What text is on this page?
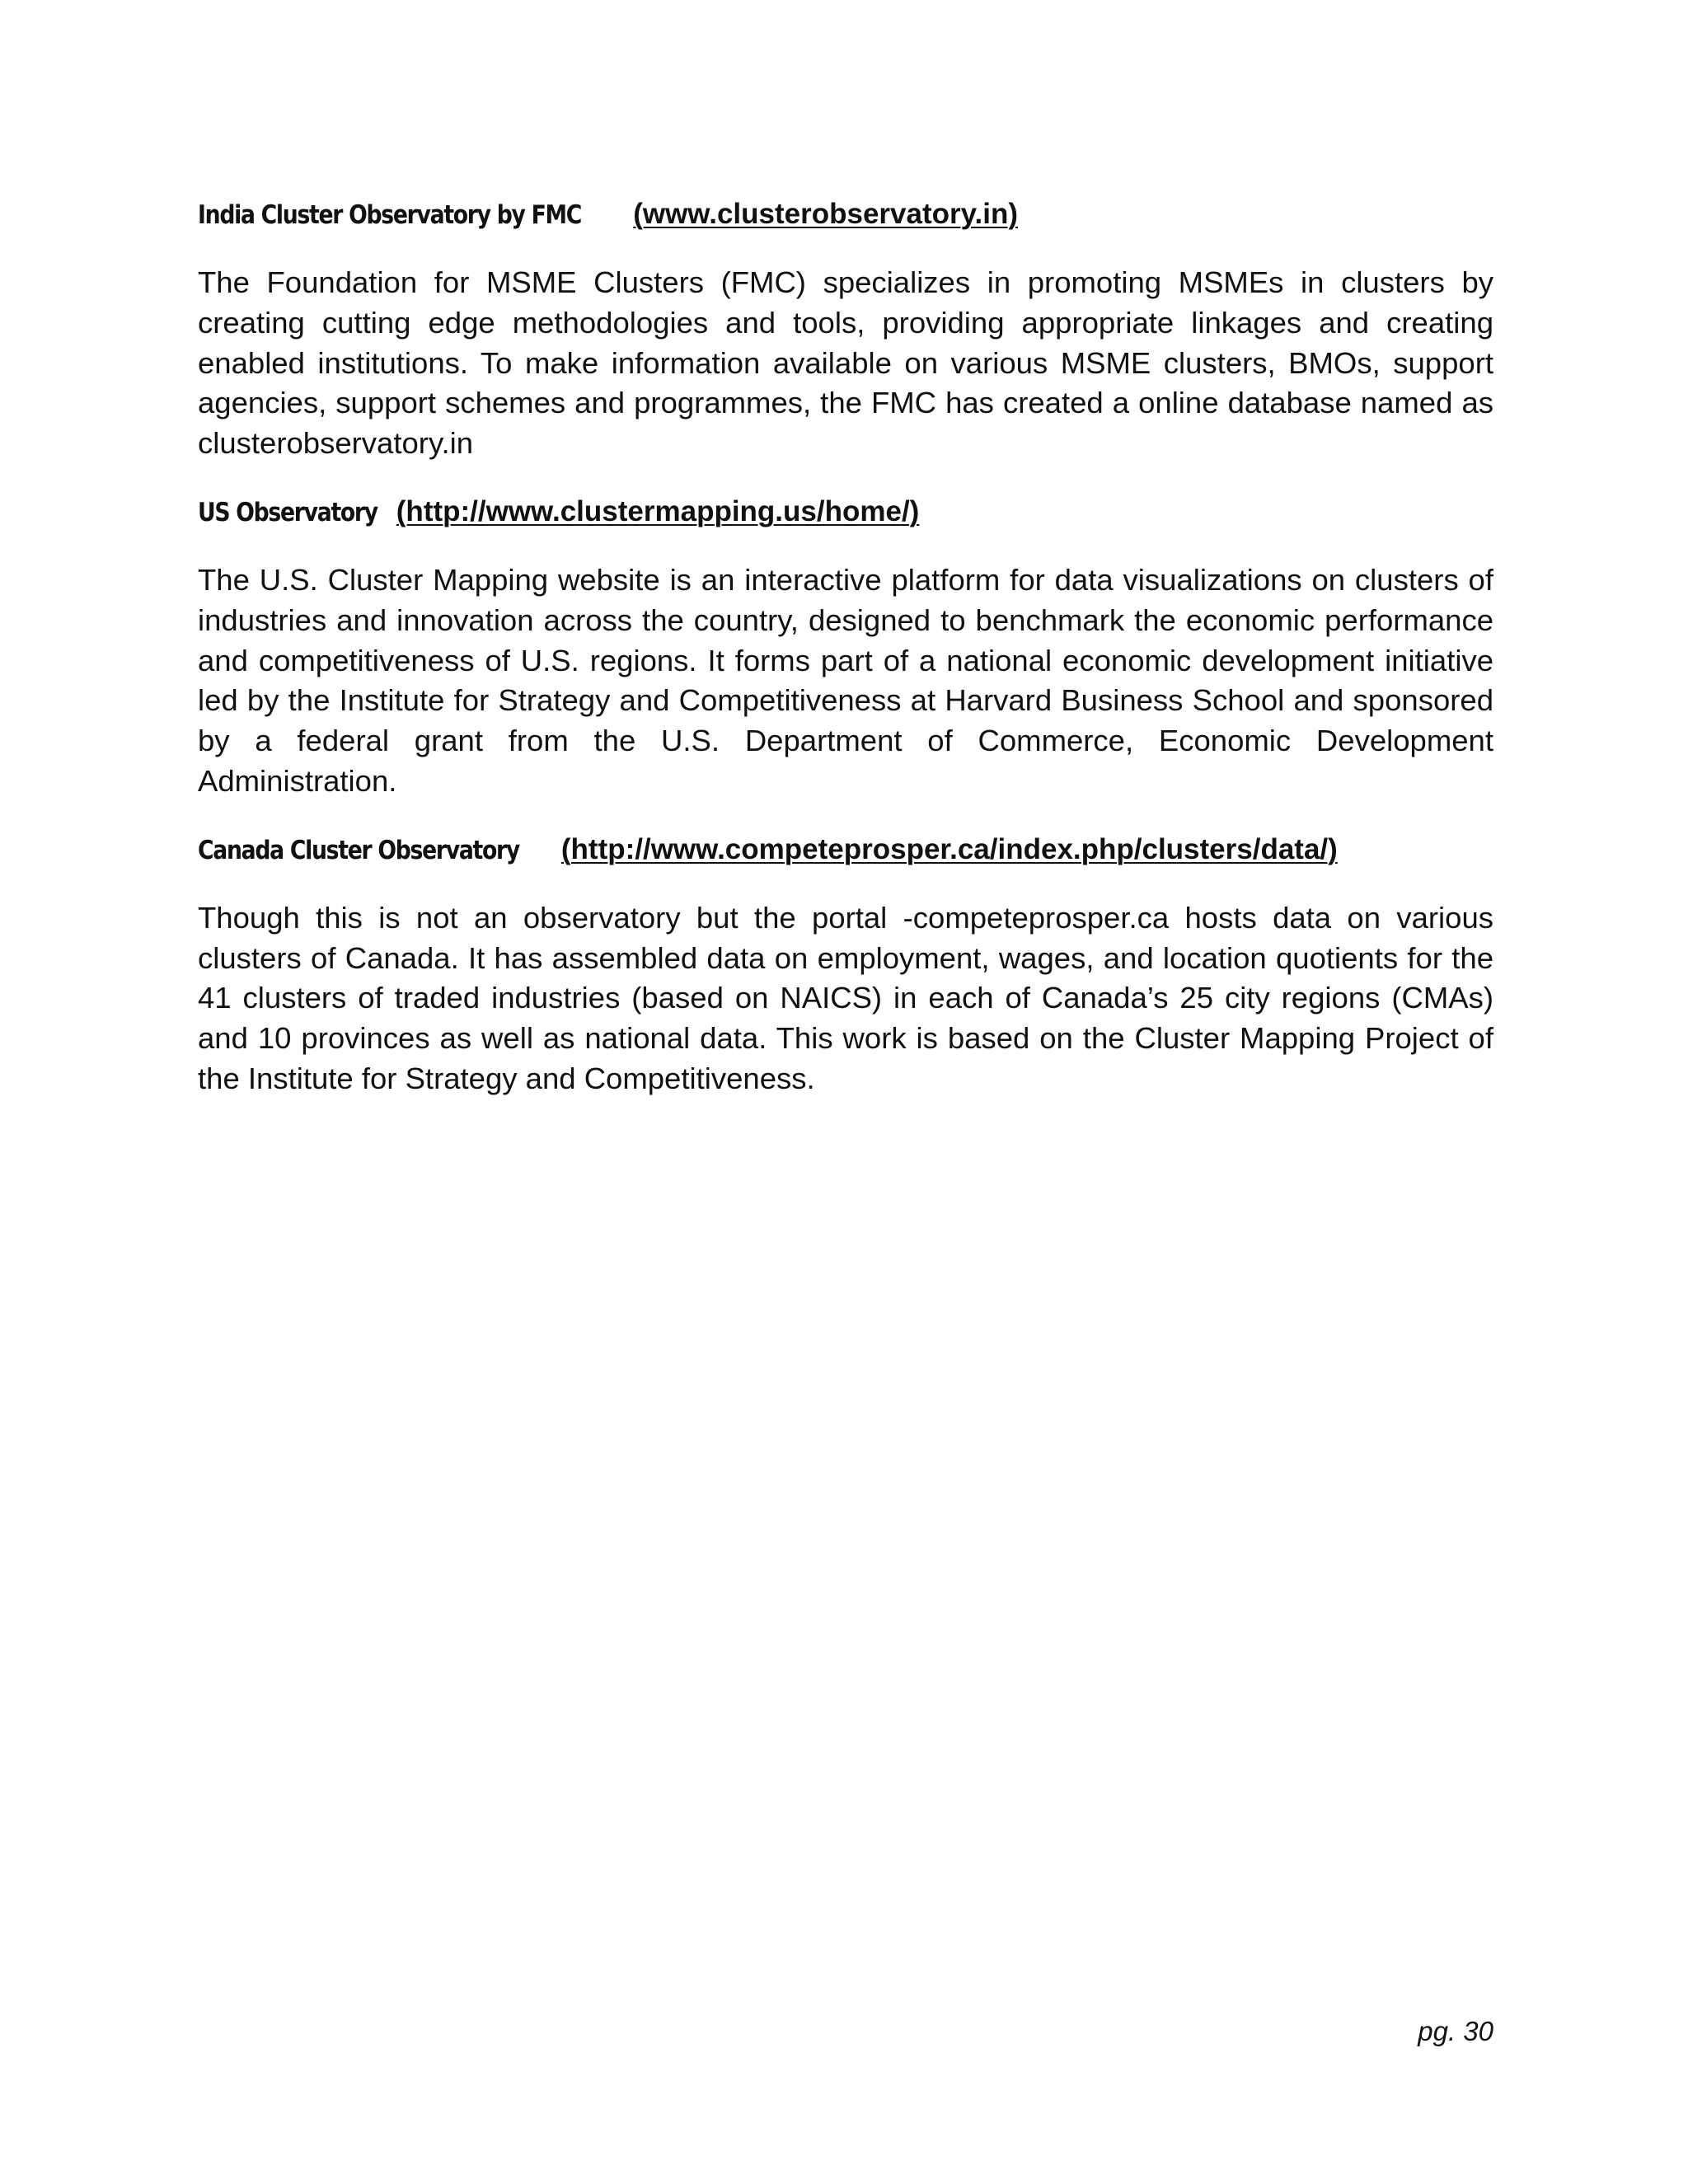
India Cluster Observatory by FMC(www.clusterobservatory.in)

The Foundation for MSME Clusters (FMC) specializes in promoting MSMEs in clusters by creating cutting edge methodologies and tools, providing appropriate linkages and creating enabled institutions. To make information available on various MSME clusters, BMOs, support agencies, support schemes and programmes, the FMC has created a online database named as clusterobservatory.in

US Observatory(http://www.clustermapping.us/home/)

The U.S. Cluster Mapping website is an interactive platform for data visualizations on clusters of industries and innovation across the country, designed to benchmark the economic performance and competitiveness of U.S. regions. It forms part of a national economic development initiative led by the Institute for Strategy and Competitiveness at Harvard Business School and sponsored by a federal grant from the U.S. Department of Commerce, Economic Development Administration.

Canada Cluster Observatory(http://www.competeprosper.ca/index.php/clusters/data/)

Though this is not an observatory but the portal -competeprosper.ca hosts data on various clusters of Canada. It has assembled data on employment, wages, and location quotients for the 41 clusters of traded industries (based on NAICS) in each of Canada’s 25 city regions (CMAs) and 10 provinces as well as national data. This work is based on the Cluster Mapping Project of the Institute for Strategy and Competitiveness.

pg. 30
